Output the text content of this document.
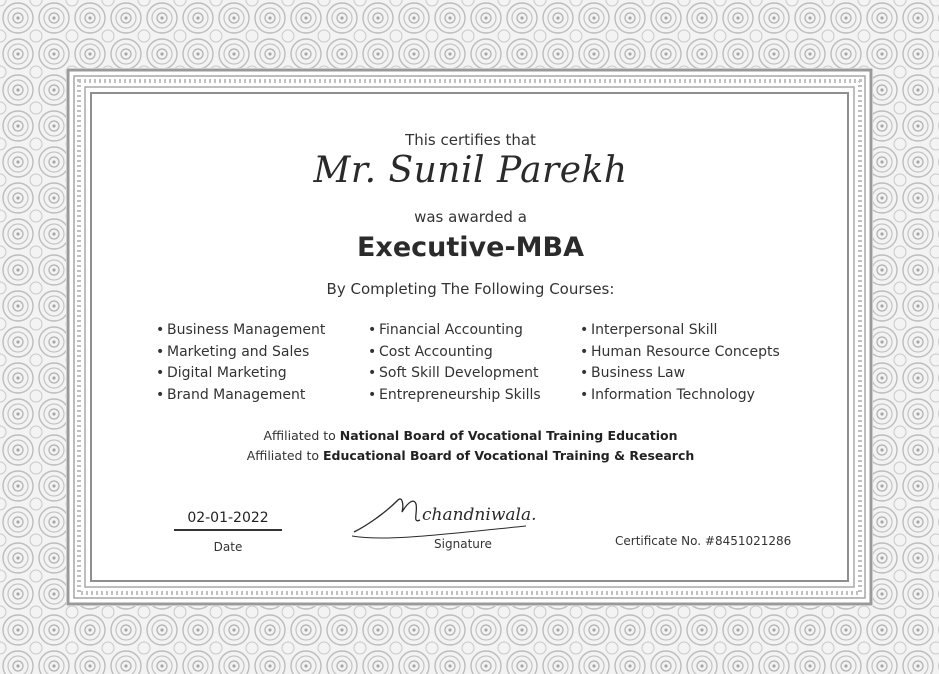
This certifies that
Mr. Sunil Parekh
was awarded a
Executive-MBA
By Completing The Following Courses:
• Business Management
• Marketing and Sales
• Digital Marketing
• Brand Management
• Financial Accounting
• Cost Accounting
• Soft Skill Development
• Entrepreneurship Skills
• Interpersonal Skill
• Human Resource Concepts
• Business Law
• Information Technology
Affiliated to National Board of Vocational Training Education
Affiliated to Educational Board of Vocational Training & Research
02-01-2022
Date
chandniwala.
Signature	Certificate No. #8451021286
